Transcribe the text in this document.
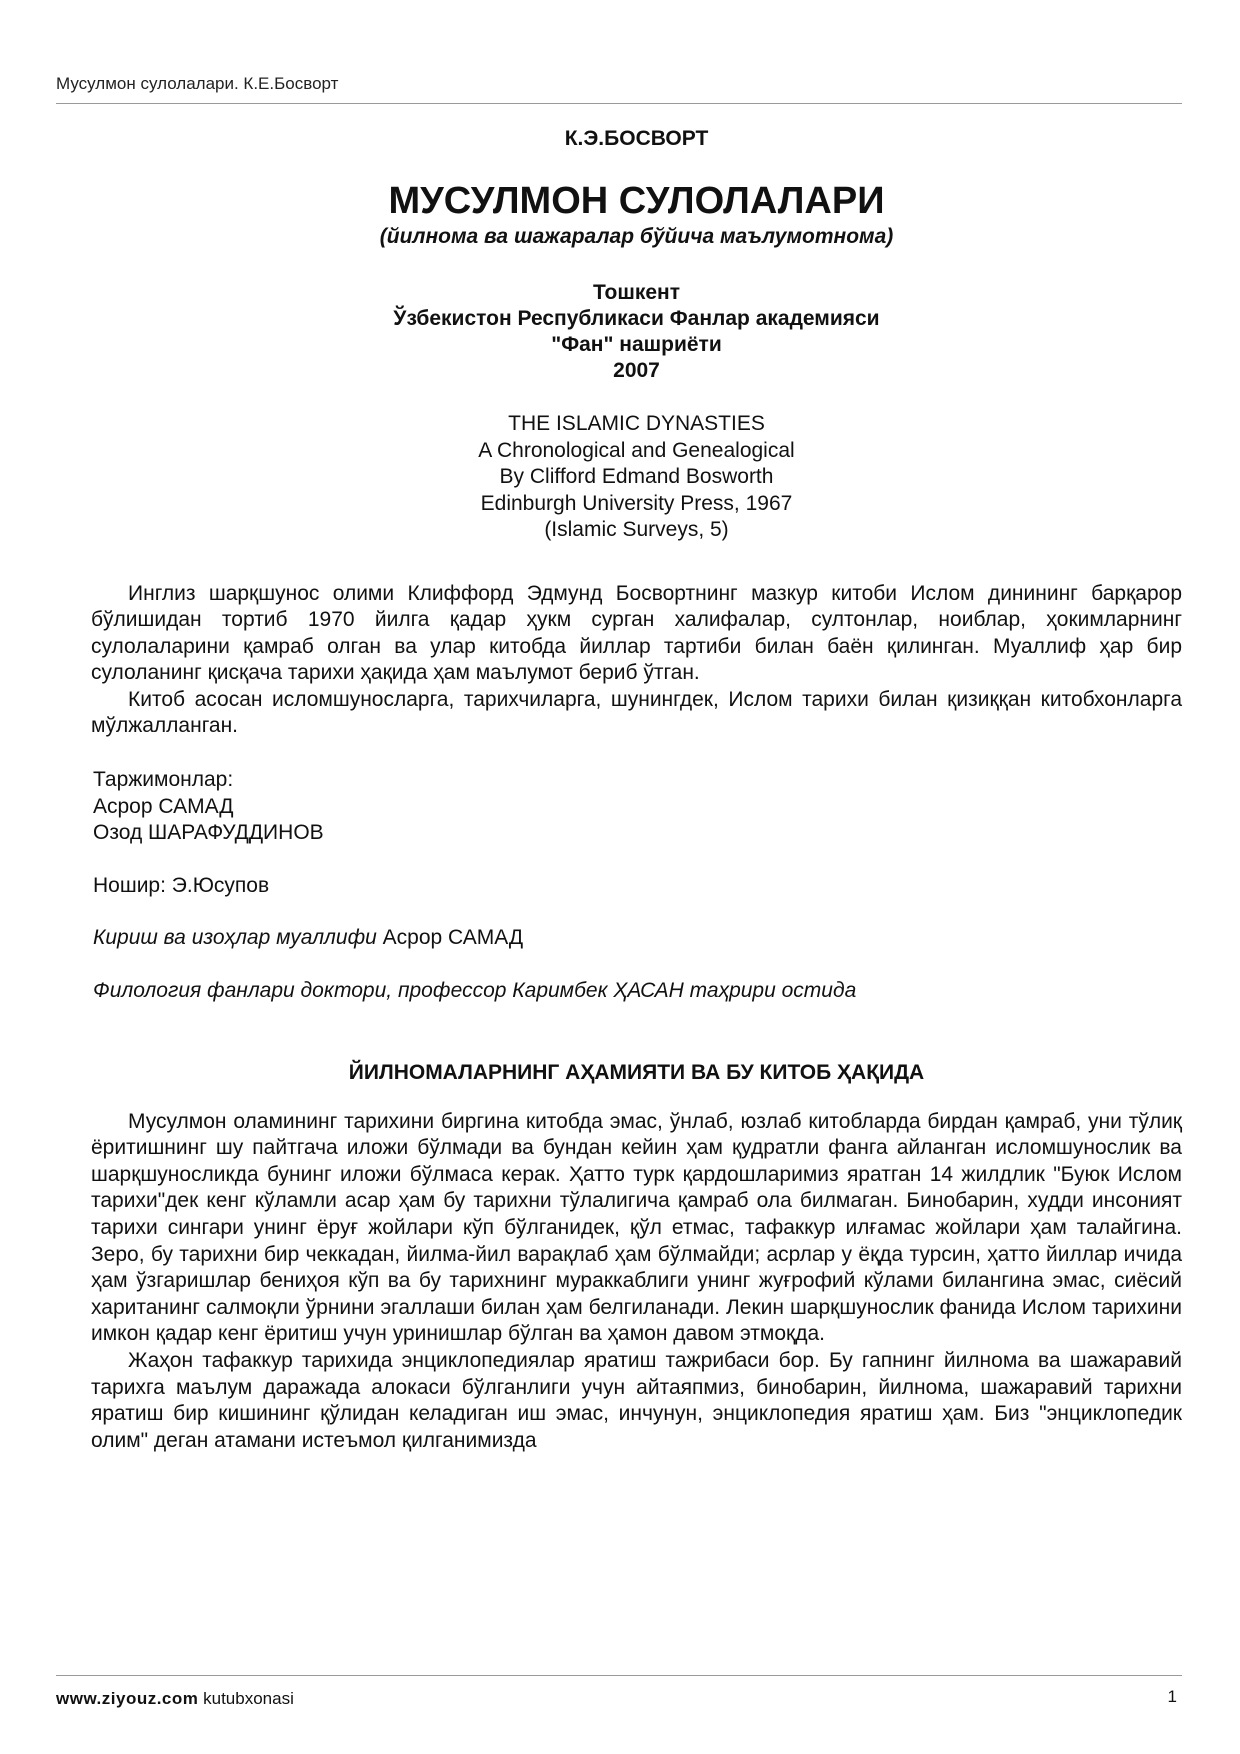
Мусулмон сулолалари. К.Е.Босворт

К.Э.БОСВОРТ

МУСУЛМОН СУЛОЛАЛАРИ

(йилнома ва шажаралар бўйича маълумотнома)

Тошкент
Ўзбекистон Республикаси Фанлар академияси
"Фан" нашриёти
2007
THE ISLAMIC DYNASTIES
A Chronological and Genealogical
By Clifford Edmand Bosworth
Edinburgh University Press, 1967
(Islamic Surveys, 5)

Инглиз шарқшунос олими Клиффорд Эдмунд Босвортнинг мазкур китоби Ислом динининг барқарор бўлишидан тортиб 1970 йилга қадар ҳукм сурган халифалар, султонлар, ноиблар, ҳокимларнинг сулолаларини қамраб олган ва улар китобда йиллар тартиби билан баён қилинган. Муаллиф ҳар бир сулоланинг қисқача тарихи ҳақида ҳам маълумот бериб ўтган.

Китоб асосан исломшуносларга, тарихчиларга, шунингдек, Ислом тарихи билан қизиққан китобхонларга мўлжалланган.

Таржимонлар:
Асрор САМАД
Озод ШАРАФУДДИНОВ
Ношир: Э.Юсупов
Кириш ва изоҳлар муаллифи Асрор САМАД
Филология фанлари доктори, профессор Каримбек ҲАСАН таҳрири остида
ЙИЛНОМАЛАРНИНГ АҲАМИЯТИ ВА БУ КИТОБ ҲАҚИДА

Мусулмон оламининг тарихини биргина китобда эмас, ўнлаб, юзлаб китобларда бирдан қамраб, уни тўлиқ ёритишнинг шу пайтгача иложи бўлмади ва бундан кейин ҳам қудратли фанга айланган исломшунослик ва шарқшуносликда бунинг иложи бўлмаса керак. Ҳатто турк қардошларимиз яратган 14 жилдлик "Буюк Ислом тарихи"дек кенг кўламли асар ҳам бу тарихни тўлалигича қамраб ола билмаган. Бинобарин, худди инсоният тарихи сингари унинг ёруғ жойлари кўп бўлганидек, қўл етмас, тафаккур илғамас жойлари ҳам талайгина. Зеро, бу тарихни бир чеккадан, йилма-йил варақлаб ҳам бўлмайди; асрлар у ёқда турсин, ҳатто йиллар ичида ҳам ўзгаришлар бениҳоя кўп ва бу тарихнинг мураккаблиги унинг жуғрофий кўлами билангина эмас, сиёсий хаританинг салмоқли ўрнини эгаллаши билан ҳам белгиланади. Лекин шарқшунослик фанида Ислом тарихини имкон қадар кенг ёритиш учун уринишлар бўлган ва ҳамон давом этмоқда.

Жаҳон тафаккур тарихида энциклопедиялар яратиш тажрибаси бор. Бу гапнинг йилнома ва шажаравий тарихга маълум даражада алокаси бўлганлиги учун айтаяпмиз, бинобарин, йилнома, шажаравий тарихни яратиш бир кишининг қўлидан келадиган иш эмас, инчунун, энциклопедия яратиш ҳам. Биз "энциклопедик олим" деган атамани истеъмол қилганимизда

www.ziyouz.com kutubxonasi	1
